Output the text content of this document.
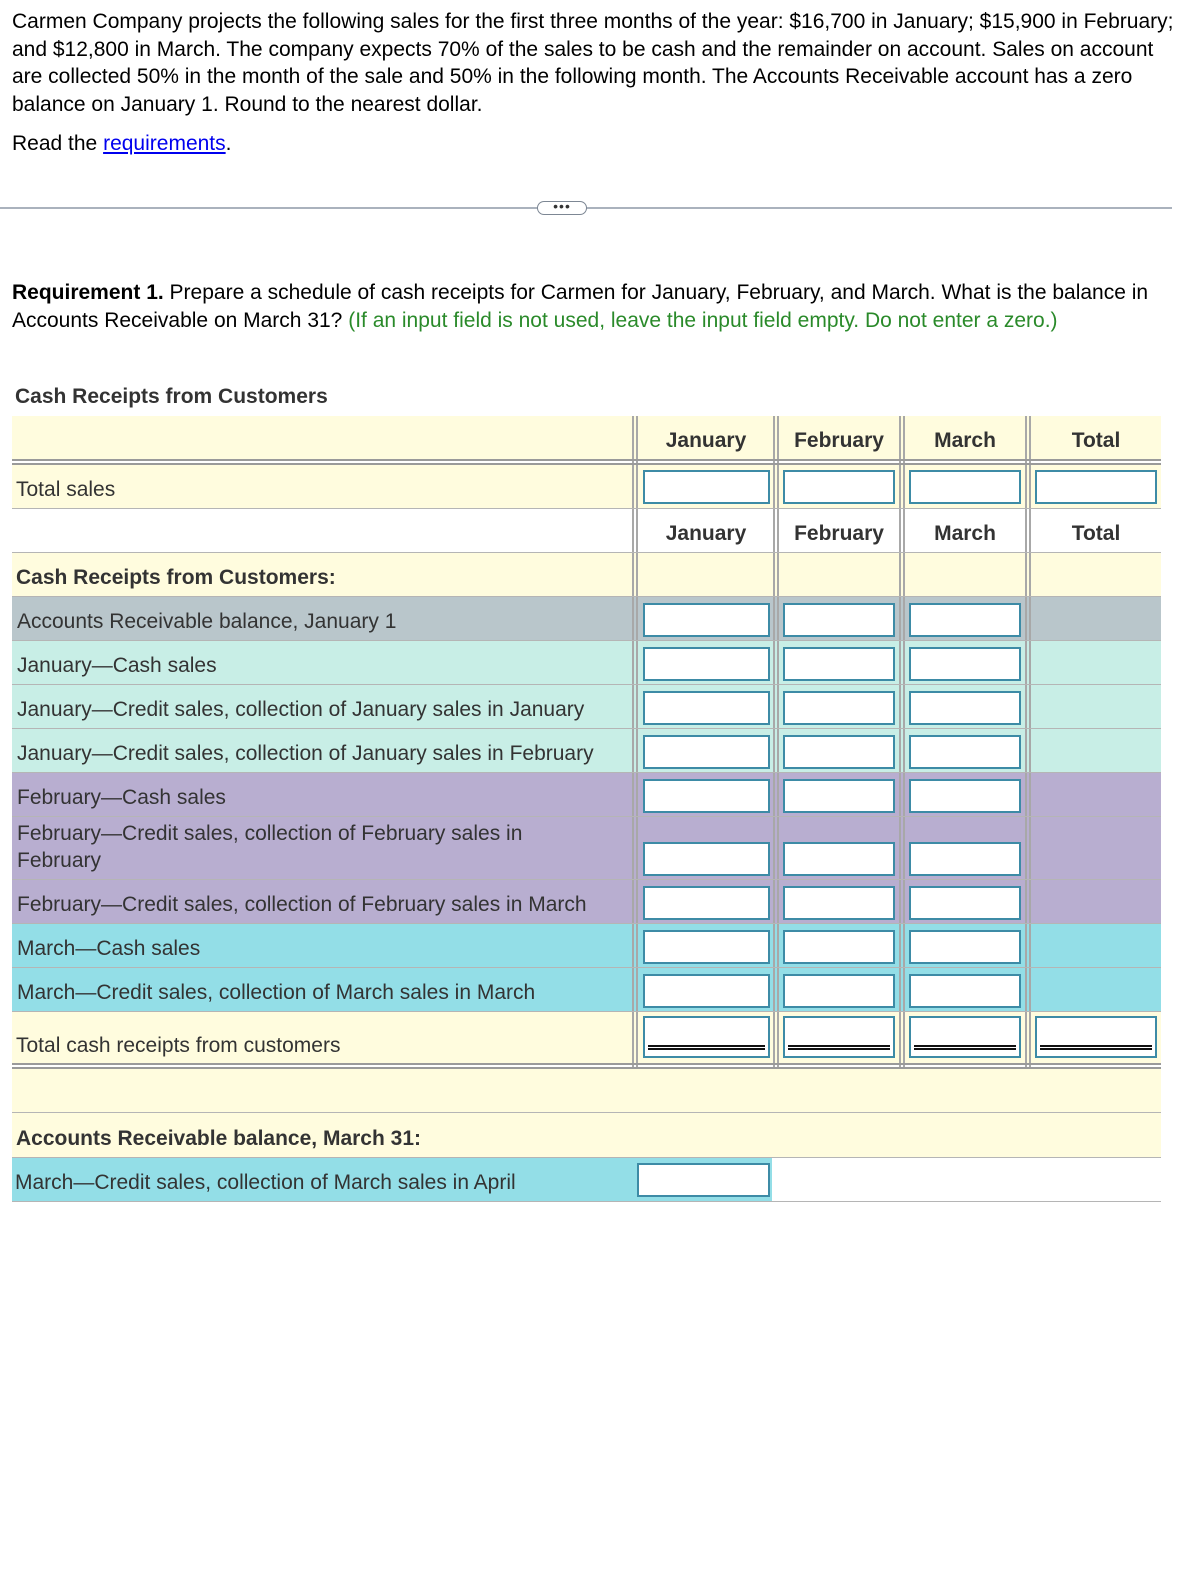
Carmen Company projects the following sales for the first three months of the year: $16,700 in January; $15,900 in February; and $12,800 in March. The company expects 70% of the sales to be cash and the remainder on account. Sales on account are collected 50% in the month of the sale and 50% in the following month. The Accounts Receivable account has a zero balance on January 1. Round to the nearest dollar.

Read the requirements.
•••
Requirement 1. Prepare a schedule of cash receipts for Carmen for January, February, and March. What is the balance in Accounts Receivable on March 31? (If an input field is not used, leave the input field empty. Do not enter a zero.)
Cash Receipts from Customers
January February March	Total
Total sales
January February March	Total
Cash Receipts from Customers:
Accounts Receivable balance, January 1
January—Cash sales
January—Credit sales, collection of January sales in January
January—Credit sales, collection of January sales in February
February—Cash sales
February—Credit sales, collection of February sales in February
February—Credit sales, collection of February sales in March
March—Cash sales
March—Credit sales, collection of March sales in March
Total cash receipts from customers
Accounts Receivable balance, March 31:
March—Credit sales, collection of March sales in April
